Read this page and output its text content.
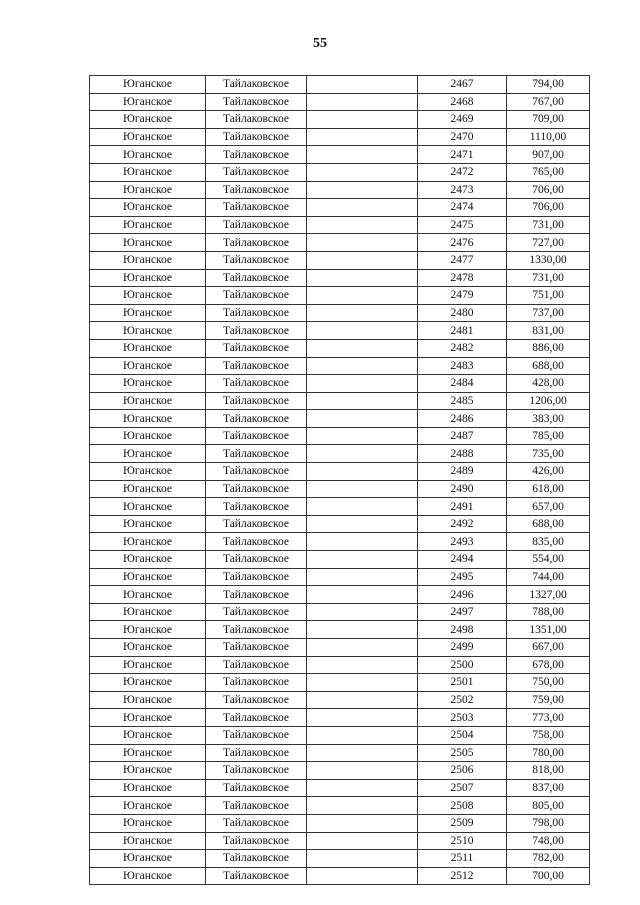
55
Юганское	Тайлаковское		2467	794,00
Юганское	Тайлаковское		2468	767,00
Юганское	Тайлаковское		2469	709,00
Юганское	Тайлаковское		2470	1110,00
Юганское	Тайлаковское		2471	907,00
Юганское	Тайлаковское		2472	765,00
Юганское	Тайлаковское		2473	706,00
Юганское	Тайлаковское		2474	706,00
Юганское	Тайлаковское		2475	731,00
Юганское	Тайлаковское		2476	727,00
Юганское	Тайлаковское		2477	1330,00
Юганское	Тайлаковское		2478	731,00
Юганское	Тайлаковское		2479	751,00
Юганское	Тайлаковское		2480	737,00
Юганское	Тайлаковское		2481	831,00
Юганское	Тайлаковское		2482	886,00
Юганское	Тайлаковское		2483	688,00
Юганское	Тайлаковское		2484	428,00
Юганское	Тайлаковское		2485	1206,00
Юганское	Тайлаковское		2486	383,00
Юганское	Тайлаковское		2487	785,00
Юганское	Тайлаковское		2488	735,00
Юганское	Тайлаковское		2489	426,00
Юганское	Тайлаковское		2490	618,00
Юганское	Тайлаковское		2491	657,00
Юганское	Тайлаковское		2492	688,00
Юганское	Тайлаковское		2493	835,00
Юганское	Тайлаковское		2494	554,00
Юганское	Тайлаковское		2495	744,00
Юганское	Тайлаковское		2496	1327,00
Юганское	Тайлаковское		2497	788,00
Юганское	Тайлаковское		2498	1351,00
Юганское	Тайлаковское		2499	667,00
Юганское	Тайлаковское		2500	678,00
Юганское	Тайлаковское		2501	750,00
Юганское	Тайлаковское		2502	759,00
Юганское	Тайлаковское		2503	773,00
Юганское	Тайлаковское		2504	758,00
Юганское	Тайлаковское		2505	780,00
Юганское	Тайлаковское		2506	818,00
Юганское	Тайлаковское		2507	837,00
Юганское	Тайлаковское		2508	805,00
Юганское	Тайлаковское		2509	798,00
Юганское	Тайлаковское		2510	748,00
Юганское	Тайлаковское		2511	782,00
Юганское	Тайлаковское		2512	700,00
